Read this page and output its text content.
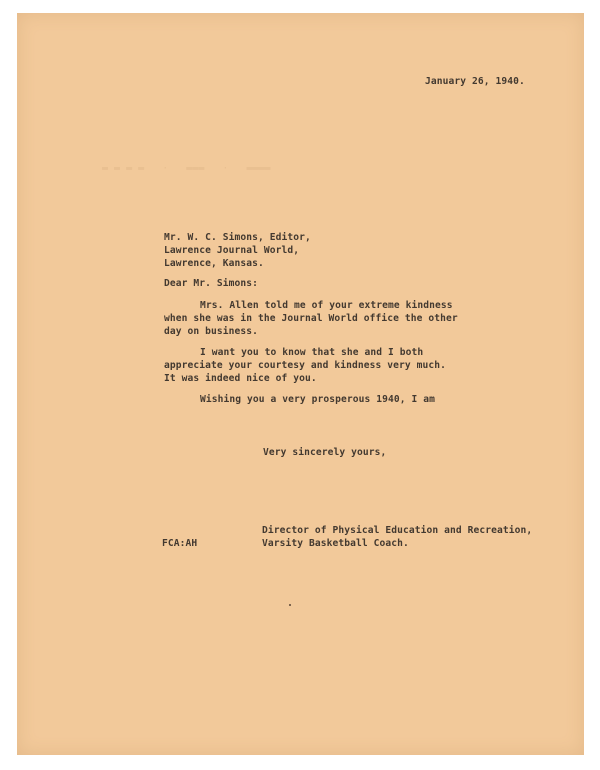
▬ ▬ ▬ ▬   ·   ▬▬▬   ·   ▬▬▬▬
January 26, 1940.
Mr. W. C. Simons, Editor,
Lawrence Journal World,
Lawrence, Kansas.
Dear Mr. Simons:
Mrs. Allen told me of your extreme kindness
when she was in the Journal World office the other
day on business.
I want you to know that she and I both
appreciate your courtesy and kindness very much.
It was indeed nice of you.
Wishing you a very prosperous 1940, I am
Very sincerely yours,
Director of Physical Education and Recreation,
Varsity Basketball Coach.
FCA:AH
